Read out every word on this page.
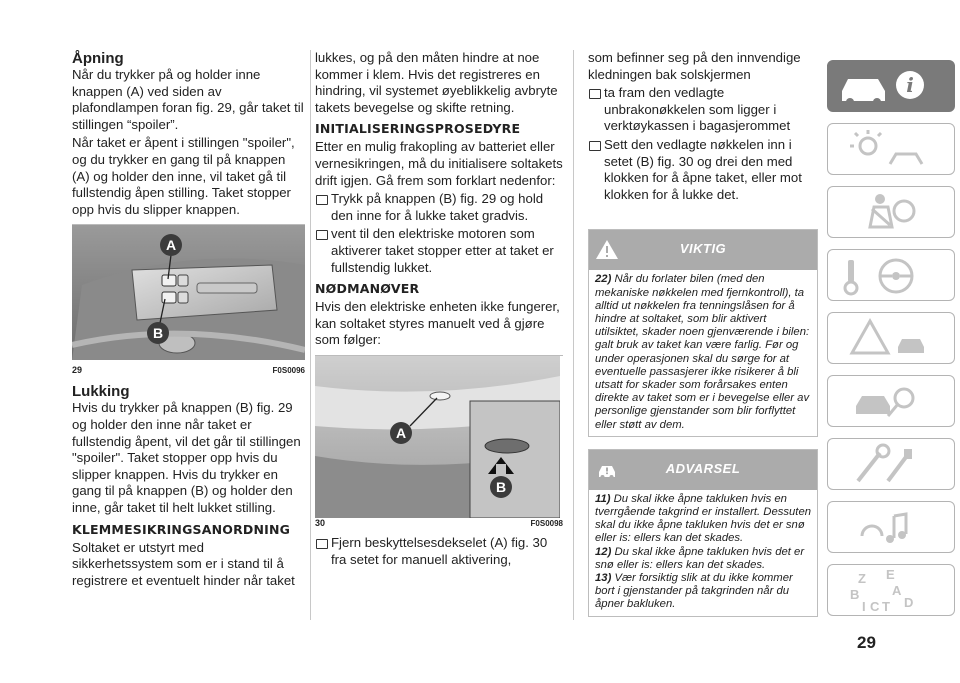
Åpning

Når du trykker på og holder inne knappen (A) ved siden av plafondlampen foran fig. 29, går taket til stillingen “spoiler”.

Når taket er åpent i stillingen "spoiler", og du trykker en gang til på knappen (A) og holder den inne, vil taket gå til fullstendig åpen stilling. Taket stopper opp hvis du slipper knappen.

A
B
29	F0S0096
Lukking

Hvis du trykker på knappen (B) fig. 29 og holder den inne når taket er fullstendig åpent, vil det går til stillingen "spoiler". Taket stopper opp hvis du slipper knappen. Hvis du trykker en gang til på knappen (B) og holder den inne, går taket til helt lukket stilling.

KLEMMESIKRINGSANORDNING

Soltaket er utstyrt med sikkerhetssystem som er i stand til å registrere et eventuelt hinder når taket

lukkes, og på den måten hindre at noe kommer i klem. Hvis det registreres en hindring, vil systemet øyeblikkelig avbryte takets bevegelse og skifte retning.

INITIALISERINGSPROSEDYRE

Etter en mulig frakopling av batteriet eller vernesikringen, må du initialisere soltakets drift igjen. Gå frem som forklart nedenfor:

Trykk på knappen (B) fig. 29 og hold den inne for å lukke taket gradvis.

vent til den elektriske motoren som aktiverer taket stopper etter at taket er fullstendig lukket.

NØDMANØVER

Hvis den elektriske enheten ikke fungerer, kan soltaket styres manuelt ved å gjøre som følger:

A
B
30	F0S0098

Fjern beskyttelsesdekselet (A) fig. 30 fra setet for manuell aktivering,

som befinner seg på den innvendige kledningen bak solskjermen

ta fram den vedlagte unbrakonøkkelen som ligger i verktøykassen i bagasjerommet

Sett den vedlagte nøkkelen inn i setet (B) fig. 30 og drei den med klokken for å åpne taket, eller mot klokken for å lukke det.

VIKTIG

22) Når du forlater bilen (med den mekaniske nøkkelen med fjernkontroll), ta alltid ut nøkkelen fra tenningslåsen for å hindre at soltaket, som blir aktivert utilsiktet, skader noen gjenværende i bilen: galt bruk av taket kan være farlig. Før og under operasjonen skal du sørge for at eventuelle passasjerer ikke risikerer å bli utsatt for skader som forårsakes enten direkte av taket som er i bevegelse eller av personlige gjenstander som blir forflyttet eller støtt av dem.

ADVARSEL

11) Du skal ikke åpne takluken hvis en tverrgående takgrind er installert. Dessuten skal du ikke åpne takluken hvis det er snø eller is: ellers kan det skades.

12) Du skal ikke åpne takluken hvis det er snø eller is: ellers kan det skades.

13) Vær forsiktig slik at du ikke kommer bort i gjenstander på takgrinden når du åpner bakluken.

i
Z E
A
B
I C T D
29
